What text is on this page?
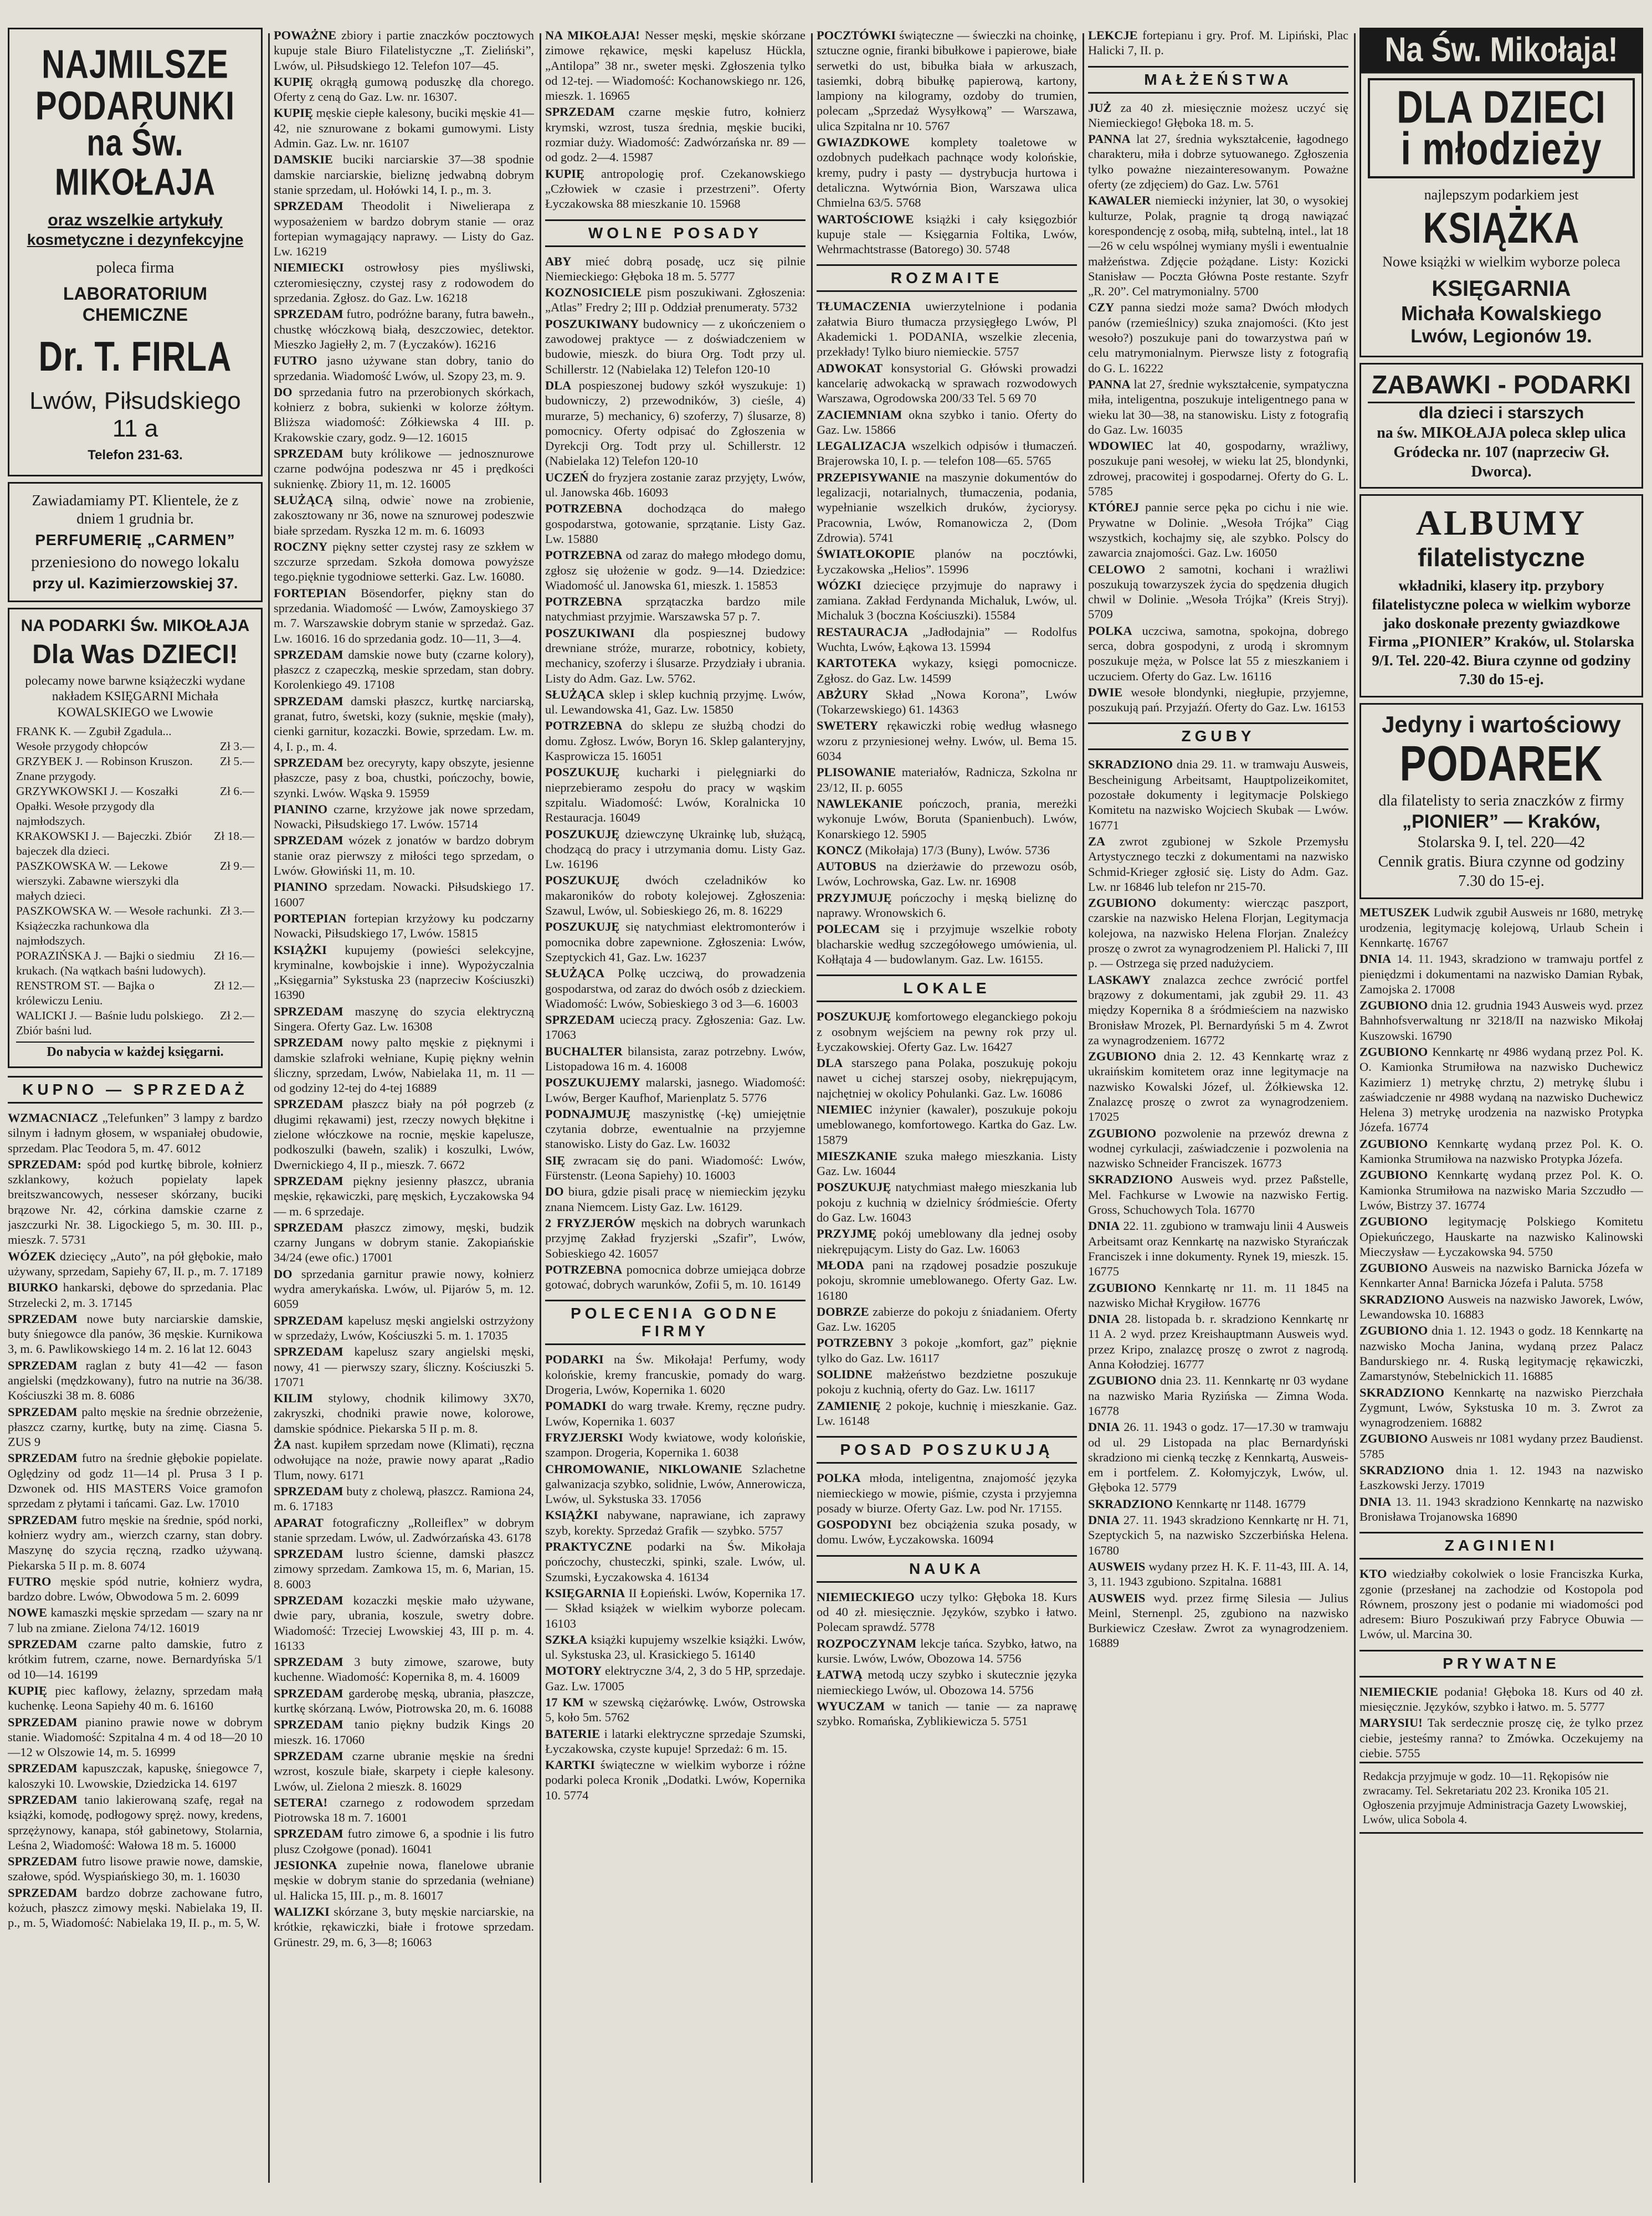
NAJMILSZE
PODARUNKI
na Św. MIKOŁAJA
oraz wszelkie artykuły
kosmetyczne i dezynfekcyjne
poleca firma
LABORATORIUM CHEMICZNE
Dr. T. FIRLA
Lwów, Piłsudskiego 11 a
Telefon 231-63.
Zawiadamiamy PT. Klientele, że z dniem 1 grudnia br.
PERFUMERIĘ „CARMEN”
przeniesiono do nowego lokalu
przy ul. Kazimierzowskiej 37.
NA PODARKI Św. MIKOŁAJA
Dla Was DZIECI!
polecamy nowe barwne książeczki wydane nakładem KSIĘGARNI Michała KOWALSKIEGO we Lwowie
FRANK K. — Zgubił Zgadula...
Wesołe przygody chłopców	Zł 3.—
GRZYBEK J. — Robinson Kruszon. Znane przygody.
Zł 5.—
GRZYWKOWSKI J. — Koszałki Opałki. Wesołe przygody dla najmłodszych.
Zł 6.—
KRAKOWSKI J. — Bajeczki. Zbiór bajeczek dla dzieci.
Zł 18.—
PASZKOWSKA W. — Lekowe wierszyki. Zabawne wierszyki dla małych dzieci.
Zł 9.—
PASZKOWSKA W. — Wesołe rachunki. Książeczka rachunkowa dla najmłodszych.
Zł 3.—
PORAZIŃSKA J. — Bajki o siedmiu krukach. (Na wątkach baśni ludowych).
Zł 16.—
RENSTROM ST. — Bajka o królewiczu Leniu.
Zł 12.—
WALICKI J. — Baśnie ludu polskiego. Zbiór baśni lud.
Zł 2.—
Do nabycia w każdej księgarni.
KUPNO — SPRZEDAŻ

WZMACNIACZ „Telefunken” 3 lampy z bardzo silnym i ładnym głosem, w wspaniałej obudowie, sprzedam. Plac Teodora 5, m. 47. 6012

SPRZEDAM: spód pod kurtkę bibrole, kołnierz szklankowy, kożuch popielaty lapek breitszwancowych, nesseser skórzany, buciki brązowe Nr. 42, córkina damskie czarne z jaszczurki Nr. 38. Ligockiego 5, m. 30. III. p., mieszk. 7. 5731

WÓZEK dziecięcy „Auto”, na pół głębokie, mało używany, sprzedam, Sapiehy 67, II. p., m. 7. 17189

BIURKO hankarski, dębowe do sprzedania. Plac Strzelecki 2, m. 3. 17145

SPRZEDAM nowe buty narciarskie damskie, buty śniegowce dla panów, 36 męskie. Kurnikowa 3, m. 6. Pawlikowskiego 14 m. 2. 16 lat 12. 6043

SPRZEDAM raglan z buty 41—42 — fason angielski (mędzkowany), futro na nutrie na 36/38. Kościuszki 38 m. 8. 6086

SPRZEDAM palto męskie na średnie obrzeżenie, płaszcz czarny, kurtkę, buty na zimę. Ciasna 5. ZUS 9

SPRZEDAM futro na średnie głębokie popielate. Oględziny od godz 11—14 pl. Prusa 3 I p. Dzwonek od. HIS MASTERS Voice gramofon sprzedam z płytami i tańcami. Gaz. Lw. 17010

SPRZEDAM futro męskie na średnie, spód norki, kołnierz wydry am., wierzch czarny, stan dobry. Maszynę do szycia ręczną, rzadko używaną. Piekarska 5 II p. m. 8. 6074

FUTRO męskie spód nutrie, kołnierz wydra, bardzo dobre. Lwów, Obwodowa 5 m. 2. 6099

NOWE kamaszki męskie sprzedam — szary na nr 7 lub na zmiane. Zielona 74/12. 16019

SPRZEDAM czarne palto damskie, futro z krótkim futrem, czarne, nowe. Bernardyńska 5/1 od 10—14. 16199

KUPIĘ piec kaflowy, żelazny, sprzedam małą kuchenkę. Leona Sapiehy 40 m. 6. 16160

SPRZEDAM pianino prawie nowe w dobrym stanie. Wiadomość: Szpitalna 4 m. 4 od 18—20 10—12 w Olszowie 14, m. 5. 16999

SPRZEDAM kapuszczak, kapuskę, śniegowce 7, kaloszyki 10. Lwowskie, Dziedzicka 14. 6197

SPRZEDAM tanio lakierowaną szafę, regał na książki, komodę, podłogowy spręż. nowy, kredens, sprzężynowy, kanapa, stół gabinetowy, Stolarnia, Leśna 2, Wiadomość: Wałowa 18 m. 5. 16000

SPRZEDAM futro lisowe prawie nowe, damskie, szałowe, spód. Wyspiańskiego 30, m. 1. 16030

SPRZEDAM bardzo dobrze zachowane futro, kożuch, płaszcz zimowy męski. Nabielaka 19, II. p., m. 5, Wiadomość: Nabielaka 19, II. p., m. 5, W.

POWAŻNE zbiory i partie znaczków pocztowych kupuje stale Biuro Filatelistyczne „T. Zieliński”, Lwów, ul. Piłsudskiego 12. Telefon 107—45.

KUPIĘ okrągłą gumową poduszkę dla chorego. Oferty z ceną do Gaz. Lw. nr. 16307.

KUPIĘ męskie ciepłe kalesony, buciki męskie 41—42, nie sznurowane z bokami gumowymi. Listy Admin. Gaz. Lw. nr. 16107

DAMSKIE buciki narciarskie 37—38 spodnie damskie narciarskie, bieliznę jedwabną dobrym stanie sprzedam, ul. Hołówki 14, I. p., m. 3.

SPRZEDAM Theodolit i Niwelierapa z wyposażeniem w bardzo dobrym stanie — oraz fortepian wymagający naprawy. — Listy do Gaz. Lw. 16219

NIEMIECKI ostrowłosy pies myśliwski, czteromiesięczny, czystej rasy z rodowodem do sprzedania. Zgłosz. do Gaz. Lw. 16218

SPRZEDAM futro, podróżne barany, futra bawełn., chustkę włóczkową białą, deszczowiec, detektor. Mieszko Jagiełły 2, m. 7 (Łyczaków). 16216

FUTRO jasno używane stan dobry, tanio do sprzedania. Wiadomość Lwów, ul. Szopy 23, m. 9.

DO sprzedania futro na przerobionych skórkach, kołnierz z bobra, sukienki w kolorze żółtym. Bliższa wiadomość: Zółkiewska 4 III. p. Krakowskie czary, godz. 9—12. 16015

SPRZEDAM buty królikowe — jednosznurowe czarne podwójna podeszwa nr 45 i prędkości suknienkę. Zbiory 11, m. 12. 16005

SŁUŻĄCĄ silną, odwie` nowe na zrobienie, zakosztowany nr 36, nowe na sznurowej podeszwie białe sprzedam. Ryszka 12 m. m. 6. 16093

ROCZNY piękny setter czystej rasy ze szkłem w szczurze sprzedam. Szkoła domowa powyższe tego.pięknie tygodniowe setterki. Gaz. Lw. 16080.

FORTEPIAN Bösendorfer, piękny stan do sprzedania. Wiadomość — Lwów, Zamoyskiego 37 m. 7. Warszawskie dobrym stanie w sprzedaż. Gaz. Lw. 16016. 16 do sprzedania godz. 10—11, 3—4.

SPRZEDAM damskie nowe buty (czarne kolory), płaszcz z czapeczką, meskie sprzedam, stan dobry. Korolenkiego 49. 17108

SPRZEDAM damski płaszcz, kurtkę narciarską, granat, futro, śwetski, kozy (suknie, męskie (mały), cienki garnitur, kozaczki. Bowie, sprzedam. Lw. m. 4, I. p., m. 4.

SPRZEDAM bez orecyryty, kapy obszyte, jesienne płaszcze, pasy z boa, chustki, pończochy, bowie, szynki. Lwów. Wąska 9. 15959

PIANINO czarne, krzyżowe jak nowe sprzedam, Nowacki, Piłsudskiego 17. Lwów. 15714

SPRZEDAM wózek z jonatów w bardzo dobrym stanie oraz pierwszy z miłości tego sprzedam, o Lwów. Głowiński 11, m. 10.

PIANINO sprzedam. Nowacki. Piłsudskiego 17. 16007

PORTEPIAN fortepian krzyżowy ku podczarny Nowacki, Piłsudskiego 17, Lwów. 15815

KSIĄŻKI kupujemy (powieści selekcyjne, kryminalne, kowbojskie i inne). Wypożyczalnia „Księgarnia” Sykstuska 23 (naprzeciw Kościuszki) 16390

SPRZEDAM maszynę do szycia elektryczną Singera. Oferty Gaz. Lw. 16308

SPRZEDAM nowy palto męskie z pięknymi i damskie szlafroki wełniane, Kupię piękny wełnin śliczny, sprzedam, Lwów, Nabielaka 11, m. 11 — od godziny 12-tej do 4-tej 16889

SPRZEDAM płaszcz biały na pół pogrzeb (z długimi rękawami) jest, rzeczy nowych błękitne i zielone włóczkowe na rocnie, męskie kapelusze, podkoszulki (bawełn, szalik) i koszulki, Lwów, Dwernickiego 4, II p., mieszk. 7. 6672

SPRZEDAM piękny jesienny płaszcz, ubrania męskie, rękawiczki, parę męskich, Łyczakowska 94 — m. 6 sprzedaje.

SPRZEDAM płaszcz zimowy, męski, budzik czarny Jungans w dobrym stanie. Zakopiańskie 34/24 (ewe ofic.) 17001

DO sprzedania garnitur prawie nowy, kołnierz wydra amerykańska. Lwów, ul. Pijarów 5, m. 12. 6059

SPRZEDAM kapelusz męski angielski ostrzyżony w sprzedaży, Lwów, Kościuszki 5. m. 1. 17035

SPRZEDAM kapelusz szary angielski męski, nowy, 41 — pierwszy szary, śliczny. Kościuszki 5. 17071

KILIM stylowy, chodnik kilimowy 3X70, zakryszki, chodniki prawie nowe, kolorowe, damskie spódnice. Piekarska 5 II p. m. 8.

ŻA nast. kupiłem sprzedam nowe (Klimati), ręczna odwołujące na noże, prawie nowy aparat „Radio Tlum, nowy. 6171

SPRZEDAM buty z cholewą, płaszcz. Ramiona 24, m. 6. 17183

APARAT fotograficzny „Rolleiflex” w dobrym stanie sprzedam. Lwów, ul. Zadwórzańska 43. 6178

SPRZEDAM lustro ścienne, damski płaszcz zimowy sprzedam. Zamkowa 15, m. 6, Marian, 15. 8. 6003

SPRZEDAM kozaczki męskie mało używane, dwie pary, ubrania, koszule, swetry dobre. Wiadomość: Trzeciej Lwowskiej 43, III p. m. 4. 16133

SPRZEDAM 3 buty zimowe, szarowe, buty kuchenne. Wiadomość: Kopernika 8, m. 4. 16009

SPRZEDAM garderobę męską, ubrania, płaszcze, kurtkę skórzaną. Lwów, Piotrowska 20, m. 6. 16088

SPRZEDAM tanio piękny budzik Kings 20 mieszk. 16. 17060

SPRZEDAM czarne ubranie męskie na średni wzrost, koszule białe, skarpety i ciepłe kalesony. Lwów, ul. Zielona 2 mieszk. 8. 16029

SETERA! czarnego z rodowodem sprzedam Piotrowska 18 m. 7. 16001

SPRZEDAM futro zimowe 6, a spodnie i lis futro plusz Czołgowe (ponad). 16041

JESIONKA zupełnie nowa, flanelowe ubranie męskie w dobrym stanie do sprzedania (wełniane) ul. Halicka 15, III. p., m. 8. 16017

WALIZKI skórzane 3, buty męskie narciarskie, na krótkie, rękawiczki, białe i frotowe sprzedam. Grünestr. 29, m. 6, 3—8; 16063

NA MIKOŁAJA! Nesser męski, męskie skórzane zimowe rękawice, męski kapelusz Hückla, „Antilopa” 38 nr., sweter męski. Zgłoszenia tylko od 12-tej. — Wiadomość: Kochanowskiego nr. 126, mieszk. 1. 16965

SPRZEDAM czarne męskie futro, kołnierz krymski, wzrost, tusza średnia, męskie buciki, rozmiar duży. Wiadomość: Zadwórzańska nr. 89 — od godz. 2—4. 15987

KUPIĘ antropologię prof. Czekanowskiego „Człowiek w czasie i przestrzeni”. Oferty Łyczakowska 88 mieszkanie 10. 15968

WOLNE POSADY

ABY mieć dobrą posadę, ucz się pilnie Niemieckiego: Głęboka 18 m. 5. 5777

KOZNOSICIELE pism poszukiwani. Zgłoszenia: „Atlas” Fredry 2; III p. Oddział prenumeraty. 5732

POSZUKIWANY budownicy — z ukończeniem o zawodowej praktyce — z doświadczeniem w budowie, mieszk. do biura Org. Todt przy ul. Schillerstr. 12 (Nabielaka 12) Telefon 120-10

DLA pospieszonej budowy szkół wyszukuje: 1) budowniczy, 2) przewodników, 3) cieśle, 4) murarze, 5) mechanicy, 6) szoferzy, 7) ślusarze, 8) pomocnicy. Oferty odpisać do Zgłoszenia w Dyrekcji Org. Todt przy ul. Schillerstr. 12 (Nabielaka 12) Telefon 120-10

UCZEŃ do fryzjera zostanie zaraz przyjęty, Lwów, ul. Janowska 46b. 16093

POTRZEBNA dochodząca do małego gospodarstwa, gotowanie, sprzątanie. Listy Gaz. Lw. 15880

POTRZEBNA od zaraz do małego młodego domu, zgłosz się ułożenie w godz. 9—14. Dziedzice: Wiadomość ul. Janowska 61, mieszk. 1. 15853

POTRZEBNA sprzątaczka bardzo mile natychmiast przyjmie. Warszawska 57 p. 7.

POSZUKIWANI dla pospiesznej budowy drewniane stróże, murarze, robotnicy, kobiety, mechanicy, szoferzy i ślusarze. Przydziały i ubrania. Listy do Adm. Gaz. Lw. 5762.

SŁUŻĄCA sklep i sklep kuchnią przyjmę. Lwów, ul. Lewandowska 41, Gaz. Lw. 15850

POTRZEBNA do sklepu ze służbą chodzi do domu. Zgłosz. Lwów, Boryn 16. Sklep galanteryjny, Kasprowicza 15. 16051

POSZUKUJĘ kucharki i pielęgniarki do nieprzebieramo zespołu do pracy w wąskim szpitalu. Wiadomość: Lwów, Koralnicka 10 Restauracja. 16049

POSZUKUJĘ dziewczynę Ukrainkę lub, służącą, chodzącą do pracy i utrzymania domu. Listy Gaz. Lw. 16196

POSZUKUJĘ dwóch czeladników ko makaroników do roboty kolejowej. Zgłoszenia: Szawul, Lwów, ul. Sobieskiego 26, m. 8. 16229

POSZUKUJĘ się natychmiast elektromonterów i pomocnika dobre zapewnione. Zgłoszenia: Lwów, Szeptyckich 41, Gaz. Lw. 16237

SŁUŻĄCA Polkę uczciwą, do prowadzenia gospodarstwa, od zaraz do dwóch osób z dzieckiem. Wiadomość: Lwów, Sobieskiego 3 od 3—6. 16003

SPRZEDAM ucieczą pracy. Zgłoszenia: Gaz. Lw. 17063

BUCHALTER bilansista, zaraz potrzebny. Lwów, Listopadowa 16 m. 4. 16008

POSZUKUJEMY malarski, jasnego. Wiadomość: Lwów, Berger Kaufhof, Marienplatz 5. 5776

PODNAJMUJĘ maszynistkę (-kę) umiejętnie czytania dobrze, ewentualnie na przyjemne stanowisko. Listy do Gaz. Lw. 16032

SIĘ zwracam się do pani. Wiadomość: Lwów, Fürstenstr. (Leona Sapiehy) 10. 16003

DO biura, gdzie pisali pracę w niemieckim języku znana Niemcem. Listy Gaz. Lw. 16129.

2 FRYZJERÓW męskich na dobrych warunkach przyjmę Zakład fryzjerski „Szafir”, Lwów, Sobieskiego 42. 16057

POTRZEBNA pomocnica dobrze umiejąca dobrze gotować, dobrych warunków, Zofii 5, m. 10. 16149

POLECENIA GODNE FIRMY

PODARKI na Św. Mikołaja! Perfumy, wody kolońskie, kremy francuskie, pomady do warg. Drogeria, Lwów, Kopernika 1. 6020

POMADKI do warg trwałe. Kremy, ręczne pudry. Lwów, Kopernika 1. 6037

FRYZJERSKI Wody kwiatowe, wody kolońskie, szampon. Drogeria, Kopernika 1. 6038

CHROMOWANIE, NIKLOWANIE Szlachetne galwanizacja szybko, solidnie, Lwów, Annerowicza, Lwów, ul. Sykstuska 33. 17056

KSIĄŻKI nabywane, naprawiane, ich zaprawy szyb, korekty. Sprzedaż Grafik — szybko. 5757

PRAKTYCZNE podarki na Św. Mikołaja pończochy, chusteczki, spinki, szale. Lwów, ul. Szumski, Łyczakowska 4. 16134

KSIĘGARNIA II Łopieński. Lwów, Kopernika 17. — Skład książek w wielkim wyborze polecam. 16103

SZKŁA książki kupujemy wszelkie książki. Lwów, ul. Sykstuska 23, ul. Krasickiego 5. 16140

MOTORY elektryczne 3/4, 2, 3 do 5 HP, sprzedaje. Gaz. Lw. 17005

17 KM w szewską ciężarówkę. Lwów, Ostrowska 5, koło 5m. 5762

BATERIE i latarki elektryczne sprzedaje Szumski, Łyczakowska, czyste kupuje! Sprzedaż: 6 m. 15.

KARTKI świąteczne w wielkim wyborze i różne podarki poleca Kronik „Dodatki. Lwów, Kopernika 10. 5774

POCZTÓWKI świąteczne — świeczki na choinkę, sztuczne ognie, firanki bibułkowe i papierowe, białe serwetki do ust, bibułka biała w arkuszach, tasiemki, dobrą bibułkę papierową, kartony, lampiony na kilogramy, ozdoby do trumien, polecam „Sprzedaż Wysyłkową” — Warszawa, ulica Szpitalna nr 10. 5767

GWIAZDKOWE komplety toaletowe w ozdobnych pudełkach pachnące wody kolońskie, kremy, pudry i pasty — dystrybucja hurtowa i detaliczna. Wytwórnia Bion, Warszawa ulica Chmielna 63/5. 5768

WARTOŚCIOWE książki i cały księgozbiór kupuje stale — Księgarnia Foltika, Lwów, Wehrmachtstrasse (Batorego) 30. 5748

ROZMAITE

TŁUMACZENIA uwierzytelnione i podania załatwia Biuro tłumacza przysięgłego Lwów, Pl Akademicki 1. PODANIA, wszelkie zlecenia, przekłady! Tylko biuro niemieckie. 5757

ADWOKAT konsystorial G. Główski prowadzi kancelarię adwokacką w sprawach rozwodowych Warszawa, Ogrodowska 200/33 Tel. 5 69 70

ZACIEMNIAM okna szybko i tanio. Oferty do Gaz. Lw. 15866

LEGALIZACJA wszelkich odpisów i tłumaczeń. Brajerowska 10, I. p. — telefon 108—65. 5765

PRZEPISYWANIE na maszynie dokumentów do legalizacji, notarialnych, tłumaczenia, podania, wypełnianie wszelkich druków, życiorysy. Pracownia, Lwów, Romanowicza 2, (Dom Zdrowia). 5741

ŚWIATŁOKOPIE planów na pocztówki, Łyczakowska „Helios”. 15996

WÓZKI dziecięce przyjmuje do naprawy i zamiana. Zakład Ferdynanda Michaluk, Lwów, ul. Michaluk 3 (boczna Kościuszki). 15584

RESTAURACJA „Jadłodajnia” — Rodolfus Wuchta, Lwów, Łąkowa 13. 15994

KARTOTEKA wykazy, księgi pomocnicze. Zgłosz. do Gaz. Lw. 14599

ABŻURY Skład „Nowa Korona”, Lwów (Tokarzewskiego) 61. 14363

SWETERY rękawiczki robię według własnego wzoru z przyniesionej wełny. Lwów, ul. Bema 15. 6034

PLISOWANIE materiałów, Radnicza, Szkolna nr 23/12, II. p. 6055

NAWLEKANIE pończoch, prania, mereżki wykonuje Lwów, Boruta (Spanienbuch). Lwów, Konarskiego 12. 5905

KONCZ (Mikołaja) 17/3 (Buny), Lwów. 5736

AUTOBUS na dzierżawie do przewozu osób, Lwów, Lochrowska, Gaz. Lw. nr. 16908

PRZYJMUJĘ pończochy i męską bieliznę do naprawy. Wronowskich 6.

POLECAM się i przyjmuje wszelkie roboty blacharskie według szczegółowego umówienia, ul. Kołłątaja 4 — budowlanym. Gaz. Lw. 16155.

LOKALE

POSZUKUJĘ komfortowego eleganckiego pokoju z osobnym wejściem na pewny rok przy ul. Łyczakowskiej. Oferty Gaz. Lw. 16427

DLA starszego pana Polaka, poszukuję pokoju nawet u cichej starszej osoby, niekrępującym, najchętniej w okolicy Pohulanki. Gaz. Lw. 16086

NIEMIEC inżynier (kawaler), poszukuje pokoju umeblowanego, komfortowego. Kartka do Gaz. Lw. 15879

MIESZKANIE szuka małego mieszkania. Listy Gaz. Lw. 16044

POSZUKUJĘ natychmiast małego mieszkania lub pokoju z kuchnią w dzielnicy śródmieście. Oferty do Gaz. Lw. 16043

PRZYJMĘ pokój umeblowany dla jednej osoby niekrępującym. Listy do Gaz. Lw. 16063

MŁODA pani na rządowej posadzie poszukuje pokoju, skromnie umeblowanego. Oferty Gaz. Lw. 16180

DOBRZE zabierze do pokoju z śniadaniem. Oferty Gaz. Lw. 16205

POTRZEBNY 3 pokoje „komfort, gaz” pięknie tylko do Gaz. Lw. 16117

SOLIDNE małżeństwo bezdzietne poszukuje pokoju z kuchnią, oferty do Gaz. Lw. 16117

ZAMIENIĘ 2 pokoje, kuchnię i mieszkanie. Gaz. Lw. 16148

POSAD POSZUKUJĄ

POLKA młoda, inteligentna, znajomość języka niemieckiego w mowie, piśmie, czysta i przyjemna posady w biurze. Oferty Gaz. Lw. pod Nr. 17155.

GOSPODYNI bez obciążenia szuka posady, w domu. Lwów, Łyczakowska. 16094

NAUKA

NIEMIECKIEGO uczy tylko: Głęboka 18. Kurs od 40 zł. miesięcznie. Języków, szybko i łatwo. Polecam sprawdź. 5778

ROZPOCZYNAM lekcje tańca. Szybko, łatwo, na kursie. Lwów, Lwów, Obozowa 14. 5756

ŁATWĄ metodą uczy szybko i skutecznie języka niemieckiego Lwów, ul. Obozowa 14. 5756

WYUCZAM w tanich — tanie — za naprawę szybko. Romańska, Zyblikiewicza 5. 5751

LEKCJE fortepianu i gry. Prof. M. Lipiński, Plac Halicki 7, II. p.

MAŁŻEŃSTWA

JUŻ za 40 zł. miesięcznie możesz uczyć się Niemieckiego! Głęboka 18. m. 5.

PANNA lat 27, średnia wykształcenie, łagodnego charakteru, miła i dobrze sytuowanego. Zgłoszenia tylko poważne niezainteresowanym. Poważne oferty (ze zdjęciem) do Gaz. Lw. 5761

KAWALER niemiecki inżynier, lat 30, o wysokiej kulturze, Polak, pragnie tą drogą nawiązać korespondencję z osobą, miłą, subtelną, intel., lat 18—26 w celu wspólnej wymiany myśli i ewentualnie małżeństwa. Zdjęcie pożądane. Listy: Kozicki Stanisław — Poczta Główna Poste restante. Szyfr „R. 20”. Cel matrymonialny. 5700

CZY panna siedzi może sama? Dwóch młodych panów (rzemieślnicy) szuka znajomości. (Kto jest wesoło?) poszukuje pani do towarzystwa pań w celu matrymonialnym. Pierwsze listy z fotografią do G. L. 16222

PANNA lat 27, średnie wykształcenie, sympatyczna miła, inteligentna, poszukuje inteligentnego pana w wieku lat 30—38, na stanowisku. Listy z fotografią do Gaz. Lw. 16035

WDOWIEC lat 40, gospodarny, wrażliwy, poszukuje pani wesołej, w wieku lat 25, blondynki, zdrowej, pracowitej i gospodarnej. Oferty do G. L. 5785

KTÓREJ pannie serce pęka po cichu i nie wie. Prywatne w Dolinie. „Wesoła Trójka” Ciąg wszystkich, kochajmy się, ale szybko. Polscy do zawarcia znajomości. Gaz. Lw. 16050

CELOWO 2 samotni, kochani i wrażliwi poszukują towarzyszek życia do spędzenia długich chwil w Dolinie. „Wesoła Trójka” (Kreis Stryj). 5709

POLKA uczciwa, samotna, spokojna, dobrego serca, dobra gospodyni, z urodą i skromnym poszukuje męża, w Polsce lat 55 z mieszkaniem i uczuciem. Oferty do Gaz. Lw. 16116

DWIE wesołe blondynki, niegłupie, przyjemne, poszukują pań. Przyjaźń. Oferty do Gaz. Lw. 16153

ZGUBY

SKRADZIONO dnia 29. 11. w tramwaju Ausweis, Bescheinigung Arbeitsamt, Hauptpolizeikomitet, pozostałe dokumenty i legitymacje Polskiego Komitetu na nazwisko Wojciech Skubak — Lwów. 16771

ZA zwrot zgubionej w Szkole Przemysłu Artystycznego teczki z dokumentami na nazwisko Schmid-Krieger zgłosić się. Listy do Adm. Gaz. Lw. nr 16846 lub telefon nr 215-70.

ZGUBIONO dokumenty: wiercząc paszport, czarskie na nazwisko Helena Florjan, Legitymacja kolejowa, na nazwisko Helena Florjan. Znaleźcy proszę o zwrot za wynagrodzeniem Pl. Halicki 7, III p. — Ostrzega się przed nadużyciem.

LASKAWY znalazca zechce zwrócić portfel brązowy z dokumentami, jak zgubił 29. 11. 43 między Kopernika 8 a śródmieściem na nazwisko Bronisław Mrozek, Pl. Bernardyński 5 m 4. Zwrot za wynagrodzeniem. 16772

ZGUBIONO dnia 2. 12. 43 Kennkartę wraz z ukraińskim komitetem oraz inne legitymacje na nazwisko Kowalski Józef, ul. Żółkiewska 12. Znalazcę proszę o zwrot za wynagrodzeniem. 17025

ZGUBIONO pozwolenie na przewóz drewna z wodnej cyrkulacji, zaświadczenie i pozwolenia na nazwisko Schneider Franciszek. 16773

SKRADZIONO Ausweis wyd. przez Paßstelle, Mel. Fachkurse w Lwowie na nazwisko Fertig. Gross, Schuchowych Tola. 16770

DNIA 22. 11. zgubiono w tramwaju linii 4 Ausweis Arbeitsamt oraz Kennkartę na nazwisko Styrańczak Franciszek i inne dokumenty. Rynek 19, mieszk. 15. 16775

ZGUBIONO Kennkartę nr 11. m. 11 1845 na nazwisko Michał Krygiłow. 16776

DNIA 28. listopada b. r. skradziono Kennkartę nr 11 A. 2 wyd. przez Kreishauptmann Ausweis wyd. przez Kripo, znalazcę proszę o zwrot z nagrodą. Anna Kołodziej. 16777

ZGUBIONO dnia 23. 11. Kennkartę nr 03 wydane na nazwisko Maria Ryzińska — Zimna Woda. 16778

DNIA 26. 11. 1943 o godz. 17—17.30 w tramwaju od ul. 29 Listopada na plac Bernardyński skradziono mi cienką teczkę z Kennkartą, Ausweis-em i portfelem. Z. Kołomyjczyk, Lwów, ul. Głęboka 12. 5779

SKRADZIONO Kennkartę nr 1148. 16779

DNIA 27. 11. 1943 skradziono Kennkartę nr H. 71, Szeptyckich 5, na nazwisko Szczerbińska Helena. 16780

AUSWEIS wydany przez H. K. F. 11-43, III. A. 14, 3, 11. 1943 zgubiono. Szpitalna. 16881

AUSWEIS wyd. przez firmę Silesia — Julius Meinl, Sternenpl. 25, zgubiono na nazwisko Burkiewicz Czesław. Zwrot za wynagrodzeniem. 16889

Na Św. Mikołaja!
DLA DZIECI
i młodzieży
najlepszym podarkiem jest
KSIĄŻKA
Nowe książki w wielkim wyborze poleca
KSIĘGARNIA
Michała Kowalskiego
Lwów, Legionów 19.
ZABAWKI - PODARKI
dla dzieci i starszych
na św. MIKOŁAJA poleca sklep ulica Gródecka nr. 107 (naprzeciw Gł. Dworca).
ALBUMY
filatelistyczne
wkładniki, klasery itp. przybory filatelistyczne poleca w wielkim wyborze jako doskonałe prezenty gwiazdkowe Firma „PIONIER” Kraków, ul. Stolarska 9/I. Tel. 220-42. Biura czynne od godziny 7.30 do 15-ej.
Jedyny i wartościowy
PODAREK
dla filatelisty to seria znaczków z firmy
„PIONIER” — Kraków,
Stolarska 9. I, tel. 220—42
Cennik gratis. Biura czynne od godziny 7.30 do 15-ej.

METUSZEK Ludwik zgubił Ausweis nr 1680, metrykę urodzenia, legitymację kolejową, Urlaub Schein i Kennkartę. 16767

DNIA 14. 11. 1943, skradziono w tramwaju portfel z pieniędzmi i dokumentami na nazwisko Damian Rybak, Zamojska 2. 17008

ZGUBIONO dnia 12. grudnia 1943 Ausweis wyd. przez Bahnhofsverwaltung nr 3218/II na nazwisko Mikołaj Kuszowski. 16790

ZGUBIONO Kennkartę nr 4986 wydaną przez Pol. K. O. Kamionka Strumiłowa na nazwisko Duchewicz Kazimierz 1) metrykę chrztu, 2) metrykę ślubu i zaświadczenie nr 4988 wydaną na nazwisko Duchewicz Helena 3) metrykę urodzenia na nazwisko Protypka Józefa. 16774

ZGUBIONO Kennkartę wydaną przez Pol. K. O. Kamionka Strumiłowa na nazwisko Protypka Józefa.

ZGUBIONO Kennkartę wydaną przez Pol. K. O. Kamionka Strumiłowa na nazwisko Maria Szczudło — Lwów, Bistrzy 37. 16774

ZGUBIONO legitymację Polskiego Komitetu Opiekuńczego, Hauskarte na nazwisko Kalinowski Mieczysław — Łyczakowska 94. 5750

ZGUBIONO Ausweis na nazwisko Barnicka Józefa w Kennkarter Anna! Barnicka Józefa i Paluta. 5758

SKRADZIONO Ausweis na nazwisko Jaworek, Lwów, Lewandowska 10. 16883

ZGUBIONO dnia 1. 12. 1943 o godz. 18 Kennkartę na nazwisko Mocha Janina, wydaną przez Palacz Bandurskiego nr. 4. Ruską legitymację rękawiczki, Zamarstynów, Stebelnickich 11. 16885

SKRADZIONO Kennkartę na nazwisko Pierzchała Zygmunt, Lwów, Sykstuska 10 m. 3. Zwrot za wynagrodzeniem. 16882

ZGUBIONO Ausweis nr 1081 wydany przez Baudienst. 5785

SKRADZIONO dnia 1. 12. 1943 na nazwisko Łaszkowski Jerzy. 17019

DNIA 13. 11. 1943 skradziono Kennkartę na nazwisko Bronisława Trojanowska 16890

ZAGINIENI

KTO wiedziałby cokolwiek o losie Franciszka Kurka, zgonie (przesłanej na zachodzie od Kostopola pod Równem, proszony jest o podanie mi wiadomości pod adresem: Biuro Poszukiwań przy Fabryce Obuwia — Lwów, ul. Marcina 30.

PRYWATNE

NIEMIECKIE podania! Głęboka 18. Kurs od 40 zł. miesięcznie. Języków, szybko i łatwo. m. 5. 5777

MARYSIU! Tak serdecznie proszę cię, że tylko przez ciebie, jesteśmy ranna? to Zmówka. Oczekujemy na ciebie. 5755

Redakcja przyjmuje w godz. 10—11. Rękopisów nie zwracamy. Tel. Sekretariatu 202 23. Kronika 105 21. Ogłoszenia przyjmuje Administracja Gazety Lwowskiej, Lwów, ulica Sobola 4.
